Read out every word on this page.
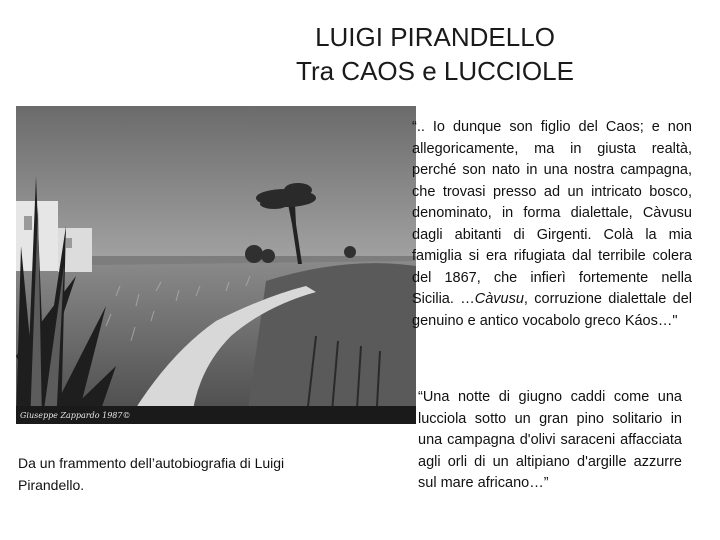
LUIGI PIRANDELLO
Tra CAOS e LUCCIOLE
Giuseppe Zappardo 1987©
Da un frammento dell’autobiografia di Luigi Pirandello.
“.. Io dunque son figlio del Caos; e non allegoricamente, ma in giusta realtà, perché son nato in una nostra campagna, che trovasi presso ad un intricato bosco, denominato, in forma dialettale, Càvusu dagli abitanti di Girgenti. Colà la mia famiglia si era rifugiata dal terribile colera del 1867, che infierì fortemente nella Sicilia. …Càvusu, corruzione dialettale del genuino e antico vocabolo greco Káos…"
“Una notte di giugno caddi come una lucciola sotto un gran pino solitario in una campagna d'olivi saraceni affacciata agli orli di un altipiano d'argille azzurre sul mare africano…”
